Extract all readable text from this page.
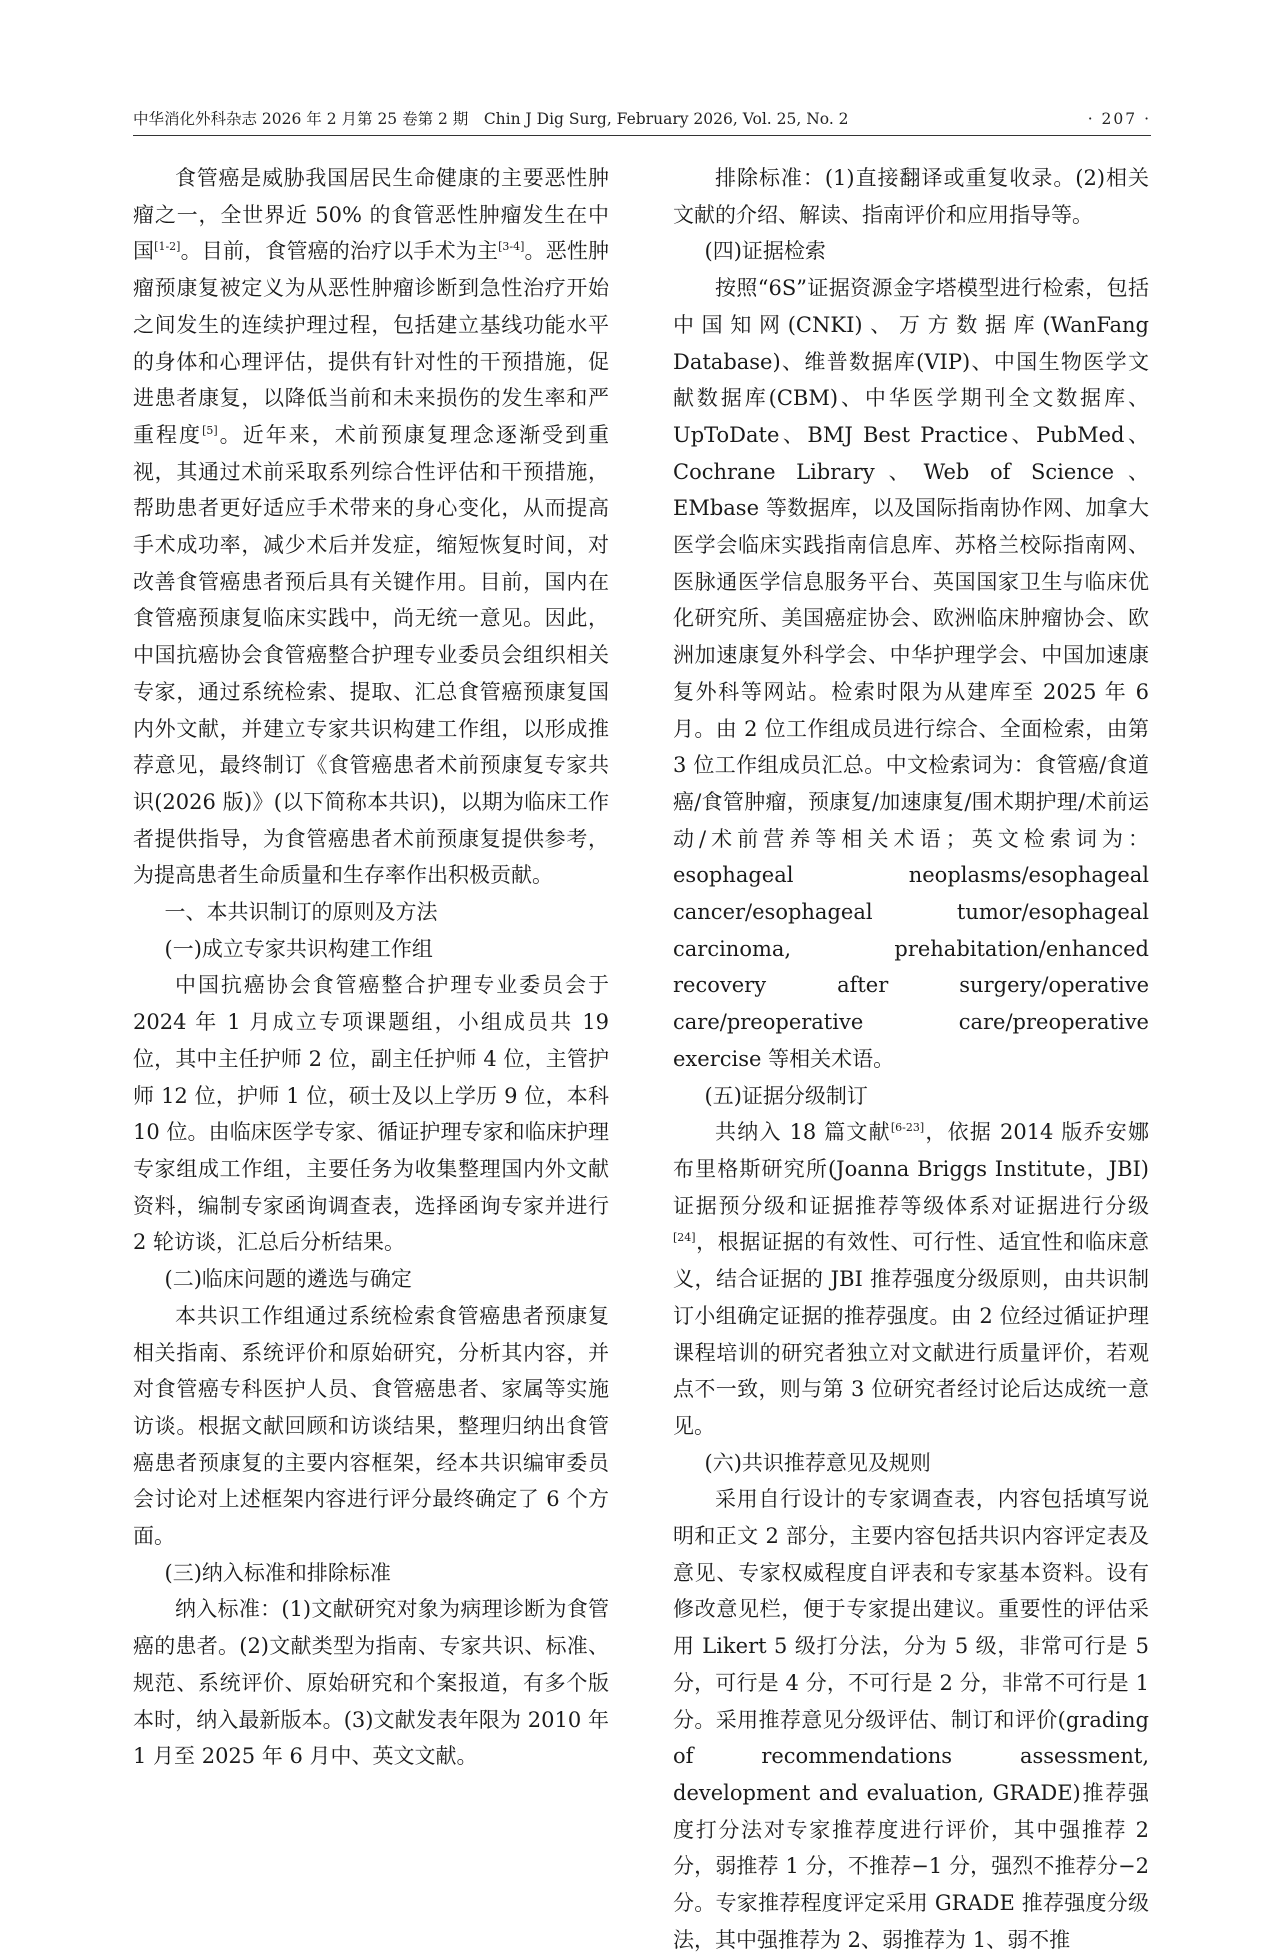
中华消化外科杂志 2026 年 2 月第 25 卷第 2 期  Chin J Dig Surg, February 2026, Vol. 25, No. 2	· 207 ·

食管癌是威胁我国居民生命健康的主要恶性肿瘤之一，全世界近 50% 的食管恶性肿瘤发生在中国[1-2]。目前，食管癌的治疗以手术为主[3-4]。恶性肿瘤预康复被定义为从恶性肿瘤诊断到急性治疗开始之间发生的连续护理过程，包括建立基线功能水平的身体和心理评估，提供有针对性的干预措施，促进患者康复，以降低当前和未来损伤的发生率和严重程度[5]。近年来，术前预康复理念逐渐受到重视，其通过术前采取系列综合性评估和干预措施，帮助患者更好适应手术带来的身心变化，从而提高手术成功率，减少术后并发症，缩短恢复时间，对改善食管癌患者预后具有关键作用。目前，国内在食管癌预康复临床实践中，尚无统一意见。因此，中国抗癌协会食管癌整合护理专业委员会组织相关专家，通过系统检索、提取、汇总食管癌预康复国内外文献，并建立专家共识构建工作组，以形成推荐意见，最终制订《食管癌患者术前预康复专家共识(2026 版)》(以下简称本共识)，以期为临床工作者提供指导，为食管癌患者术前预康复提供参考，为提高患者生命质量和生存率作出积极贡献。

一、本共识制订的原则及方法

(一)成立专家共识构建工作组

中国抗癌协会食管癌整合护理专业委员会于 2024 年 1 月成立专项课题组，小组成员共 19 位，其中主任护师 2 位，副主任护师 4 位，主管护师 12 位，护师 1 位，硕士及以上学历 9 位，本科 10 位。由临床医学专家、循证护理专家和临床护理专家组成工作组，主要任务为收集整理国内外文献资料，编制专家函询调查表，选择函询专家并进行 2 轮访谈，汇总后分析结果。

(二)临床问题的遴选与确定

本共识工作组通过系统检索食管癌患者预康复相关指南、系统评价和原始研究，分析其内容，并对食管癌专科医护人员、食管癌患者、家属等实施访谈。根据文献回顾和访谈结果，整理归纳出食管癌患者预康复的主要内容框架，经本共识编审委员会讨论对上述框架内容进行评分最终确定了 6 个方面。

(三)纳入标准和排除标准

纳入标准：(1)文献研究对象为病理诊断为食管癌的患者。(2)文献类型为指南、专家共识、标准、规范、系统评价、原始研究和个案报道，有多个版本时，纳入最新版本。(3)文献发表年限为 2010 年 1 月至 2025 年 6 月中、英文文献。

排除标准：(1)直接翻译或重复收录。(2)相关文献的介绍、解读、指南评价和应用指导等。

(四)证据检索

按照“6S”证据资源金字塔模型进行检索，包括中国知网(CNKI)、万方数据库(WanFang Database)、维普数据库(VIP)、中国生物医学文献数据库(CBM)、中华医学期刊全文数据库、UpToDate、BMJ Best Practice、PubMed、Cochrane Library、Web of Science、EMbase 等数据库，以及国际指南协作网、加拿大医学会临床实践指南信息库、苏格兰校际指南网、医脉通医学信息服务平台、英国国家卫生与临床优化研究所、美国癌症协会、欧洲临床肿瘤协会、欧洲加速康复外科学会、中华护理学会、中国加速康复外科等网站。检索时限为从建库至 2025 年 6 月。由 2 位工作组成员进行综合、全面检索，由第 3 位工作组成员汇总。中文检索词为：食管癌/食道癌/食管肿瘤，预康复/加速康复/围术期护理/术前运动/术前营养等相关术语；英文检索词为：esophageal neoplasms/esophageal cancer/esophageal tumor/esophageal carcinoma, prehabitation/enhanced recovery after surgery/operative care/preoperative care/preoperative exercise 等相关术语。

(五)证据分级制订

共纳入 18 篇文献[6-23]，依据 2014 版乔安娜布里格斯研究所(Joanna Briggs Institute，JBI)证据预分级和证据推荐等级体系对证据进行分级[24]，根据证据的有效性、可行性、适宜性和临床意义，结合证据的 JBI 推荐强度分级原则，由共识制订小组确定证据的推荐强度。由 2 位经过循证护理课程培训的研究者独立对文献进行质量评价，若观点不一致，则与第 3 位研究者经讨论后达成统一意见。

(六)共识推荐意见及规则

采用自行设计的专家调查表，内容包括填写说明和正文 2 部分，主要内容包括共识内容评定表及意见、专家权威程度自评表和专家基本资料。设有修改意见栏，便于专家提出建议。重要性的评估采用 Likert 5 级打分法，分为 5 级，非常可行是 5 分，可行是 4 分，不可行是 2 分，非常不可行是 1 分。采用推荐意见分级评估、制订和评价(grading of recommendations assessment, development and evaluation, GRADE)推荐强度打分法对专家推荐度进行评价，其中强推荐 2 分，弱推荐 1 分，不推荐−1 分，强烈不推荐分−2 分。专家推荐程度评定采用 GRADE 推荐强度分级法，其中强推荐为 2、弱推荐为 1、弱不推
